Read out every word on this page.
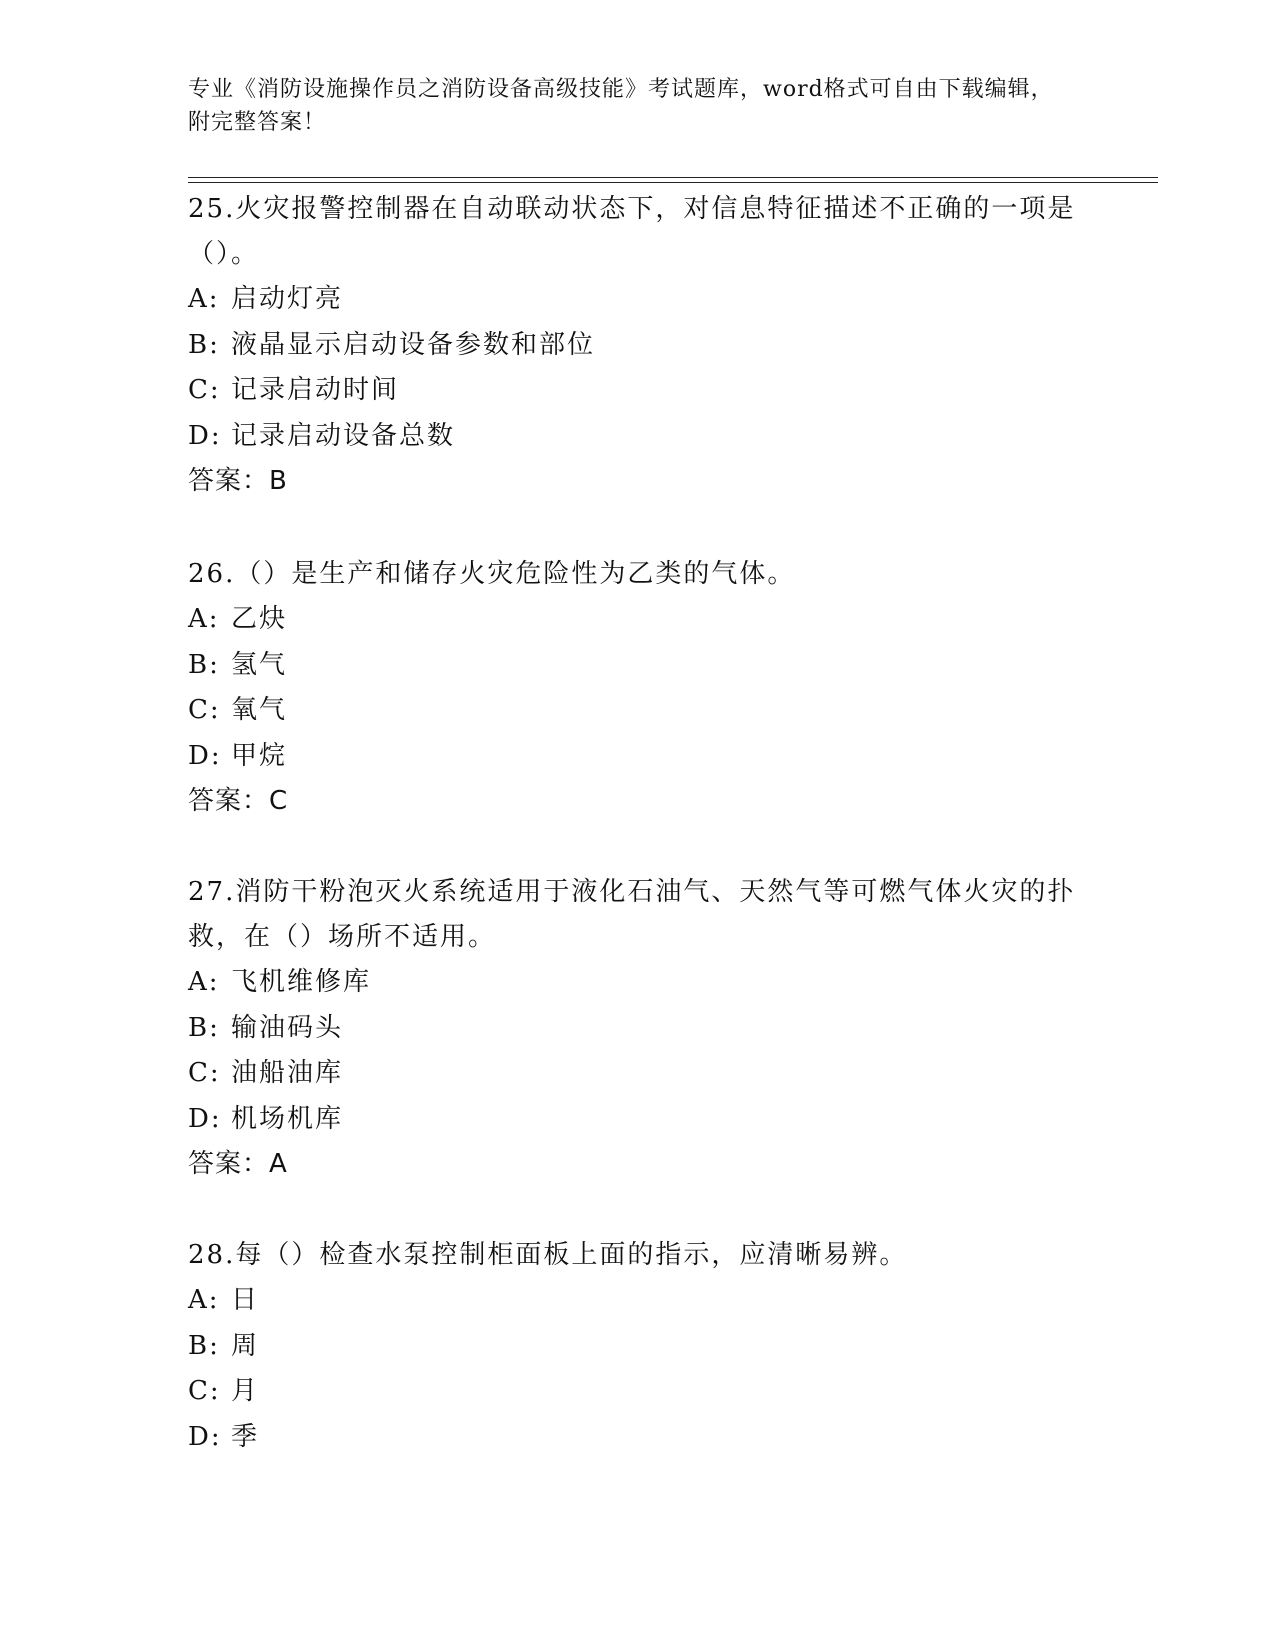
专业《消防设施操作员之消防设备高级技能》考试题库，word格式可自由下载编辑，附完整答案！

25.火灾报警控制器在自动联动状态下，对信息特征描述不正确的一项是（）。

A: 启动灯亮

B: 液晶显示启动设备参数和部位

C: 记录启动时间

D: 记录启动设备总数

答案：B

26.（）是生产和储存火灾危险性为乙类的气体。

A: 乙炔

B: 氢气

C: 氧气

D: 甲烷

答案：C

27.消防干粉泡灭火系统适用于液化石油气、天然气等可燃气体火灾的扑救，在（）场所不适用。

A: 飞机维修库

B: 输油码头

C: 油船油库

D: 机场机库

答案：A

28.每（）检查水泵控制柜面板上面的指示，应清晰易辨。

A: 日

B: 周

C: 月

D: 季
